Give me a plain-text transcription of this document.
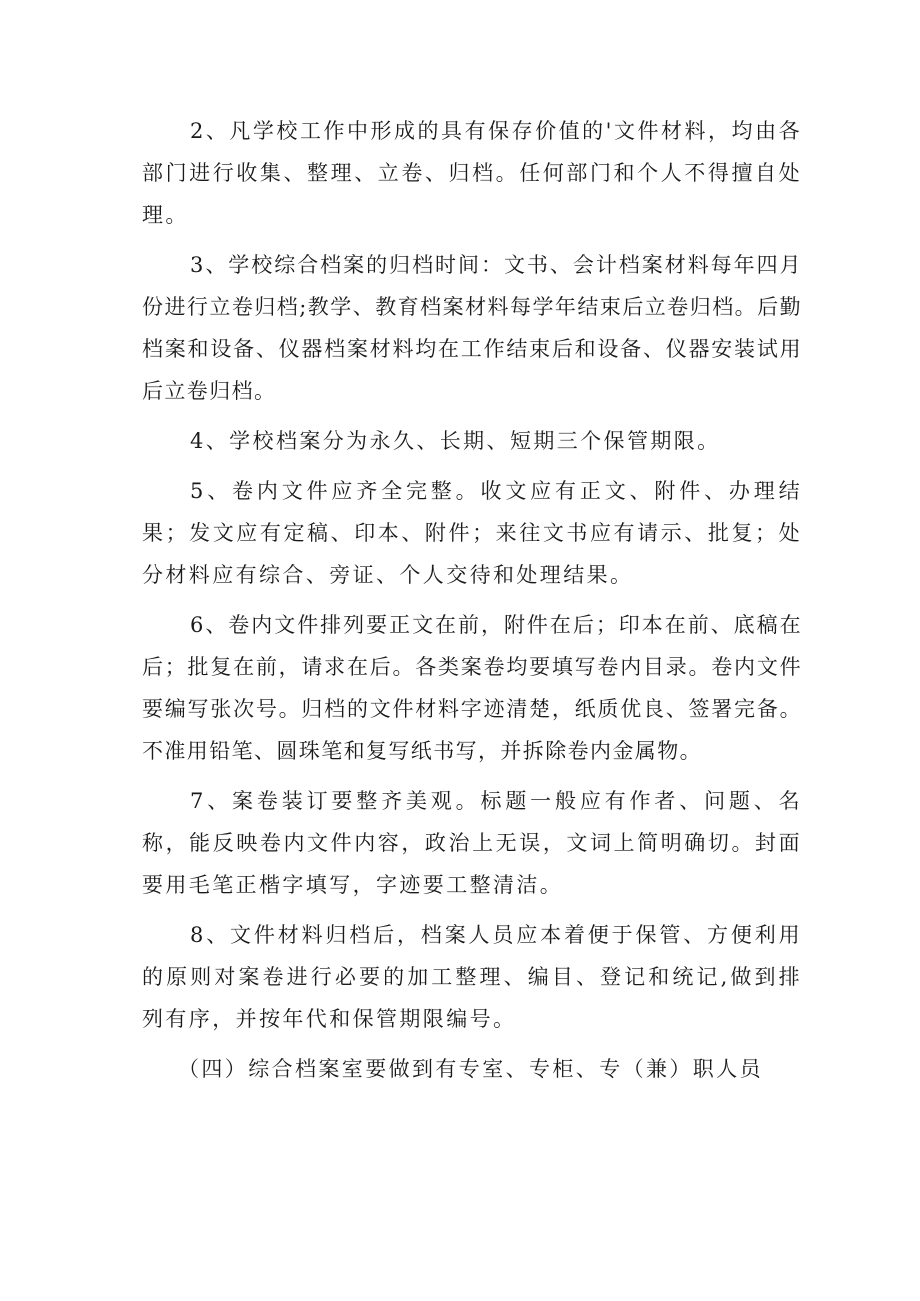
2、凡学校工作中形成的具有保存价值的'文件材料，均由各部门进行收集、整理、立卷、归档。任何部门和个人不得擅自处理。

3、学校综合档案的归档时间：文书、会计档案材料每年四月份进行立卷归档;教学、教育档案材料每学年结束后立卷归档。后勤档案和设备、仪器档案材料均在工作结束后和设备、仪器安装试用后立卷归档。

4、学校档案分为永久、长期、短期三个保管期限。

5、卷内文件应齐全完整。收文应有正文、附件、办理结果；发文应有定稿、印本、附件；来往文书应有请示、批复；处分材料应有综合、旁证、个人交待和处理结果。

6、卷内文件排列要正文在前，附件在后；印本在前、底稿在后；批复在前，请求在后。各类案卷均要填写卷内目录。卷内文件要编写张次号。归档的文件材料字迹清楚，纸质优良、签署完备。不准用铅笔、圆珠笔和复写纸书写，并拆除卷内金属物。

7、案卷装订要整齐美观。标题一般应有作者、问题、名称，能反映卷内文件内容，政治上无误，文词上简明确切。封面要用毛笔正楷字填写，字迹要工整清洁。

8、文件材料归档后，档案人员应本着便于保管、方便利用的原则对案卷进行必要的加工整理、编目、登记和统记,做到排列有序，并按年代和保管期限编号。

（四）综合档案室要做到有专室、专柜、专（兼）职人员
